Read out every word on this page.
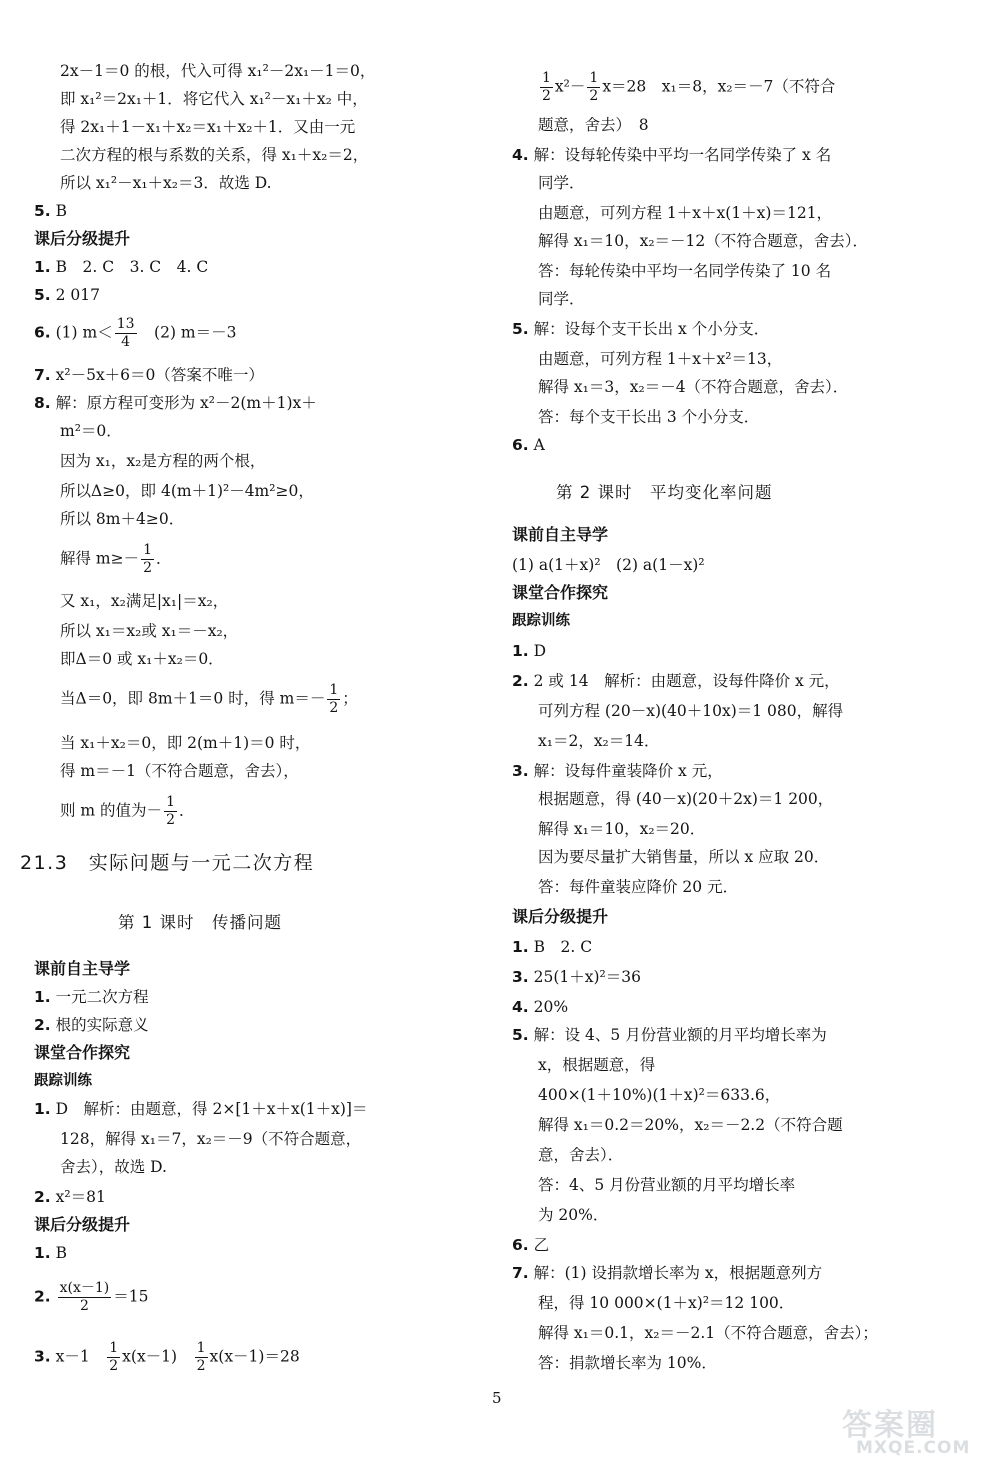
2x－1＝0 的根，代入可得 x₁²－2x₁－1＝0，
即 x₁²＝2x₁＋1．将它代入 x₁²－x₁＋x₂ 中，
得 2x₁＋1－x₁＋x₂＝x₁＋x₂＋1．又由一元
二次方程的根与系数的关系，得 x₁＋x₂＝2，
所以 x₁²－x₁＋x₂＝3．故选 D.
5. B
课后分级提升
1. B　2. C　3. C　4. C
5. 2 017
6. (1) $m< \frac{13}{4}$ 　(2) m＝－3
7. x²－5x＋6＝0（答案不唯一）
8. 解：原方程可变形为 x²－2(m＋1)x＋
m²＝0．
因为 x₁，x₂是方程的两个根，
所以Δ≥0，即 4(m＋1)²－4m²≥0，
所以 8m＋4≥0．
解得 $m\ge- \frac{1}{2}$ ．
又 x₁，x₂满足|x₁|＝x₂，
所以 x₁＝x₂或 x₁＝－x₂，
即Δ＝0 或 x₁＋x₂＝0．
当Δ＝0，即 8m＋1＝0 时，得 $m=- \frac{1}{2}$ ；
当 x₁＋x₂＝0，即 2(m＋1)＝0 时，
得 m＝－1（不符合题意，舍去），
则 m 的值为－ $\frac{1}{2}$ ．
21.3　实际问题与一元二次方程
第 1 课时　传播问题
课前自主导学
1. 一元二次方程
2. 根的实际意义
课堂合作探究
跟踪训练
1. D　解析：由题意，得 2×[1＋x＋x(1＋x)]＝
128，解得 x₁＝7，x₂＝－9（不符合题意，
舍去），故选 D.
2. x²＝81
课后分级提升
1. B
2. $\frac{x(x-1)}{2} =15$
3. x－1　 $\frac{1}{2} x(x-1)$　 $\frac{1}{2} x(x-1)=28$
$\frac{1}{2} x^2- \frac{1}{2} x=28$　x₁＝8，x₂＝－7（不符合
题意，舍去）　8
4. 解：设每轮传染中平均一名同学传染了 x 名
同学．
由题意，可列方程 1＋x＋x(1＋x)＝121，
解得 x₁＝10，x₂＝－12（不符合题意，舍去）．
答：每轮传染中平均一名同学传染了 10 名
同学．
5. 解：设每个支干长出 x 个小分支．
由题意，可列方程 1＋x＋x²＝13，
解得 x₁＝3，x₂＝－4（不符合题意，舍去）．
答：每个支干长出 3 个小分支．
6. A
第 2 课时　平均变化率问题
课前自主导学
(1) a(1＋x)²　(2) a(1－x)²
课堂合作探究
跟踪训练
1. D
2. 2 或 14　解析：由题意，设每件降价 x 元，
可列方程 (20－x)(40＋10x)＝1 080，解得
x₁＝2，x₂＝14．
3. 解：设每件童装降价 x 元，
根据题意，得 (40－x)(20＋2x)＝1 200，
解得 x₁＝10，x₂＝20．
因为要尽量扩大销售量，所以 x 应取 20．
答：每件童装应降价 20 元．
课后分级提升
1. B　2. C
3. 25(1＋x)²＝36
4. 20%
5. 解：设 4、5 月份营业额的月平均增长率为
x，根据题意，得
400×(1＋10%)(1＋x)²＝633.6，
解得 x₁＝0.2＝20%，x₂＝－2.2（不符合题
意，舍去）．
答：4、5 月份营业额的月平均增长率
为 20%．
6. 乙
7. 解：(1) 设捐款增长率为 x，根据题意列方
程，得 10 000×(1＋x)²＝12 100．
解得 x₁＝0.1，x₂＝－2.1（不符合题意，舍去）；
答：捐款增长率为 10%．
5
答案圈
MXQE.COM
